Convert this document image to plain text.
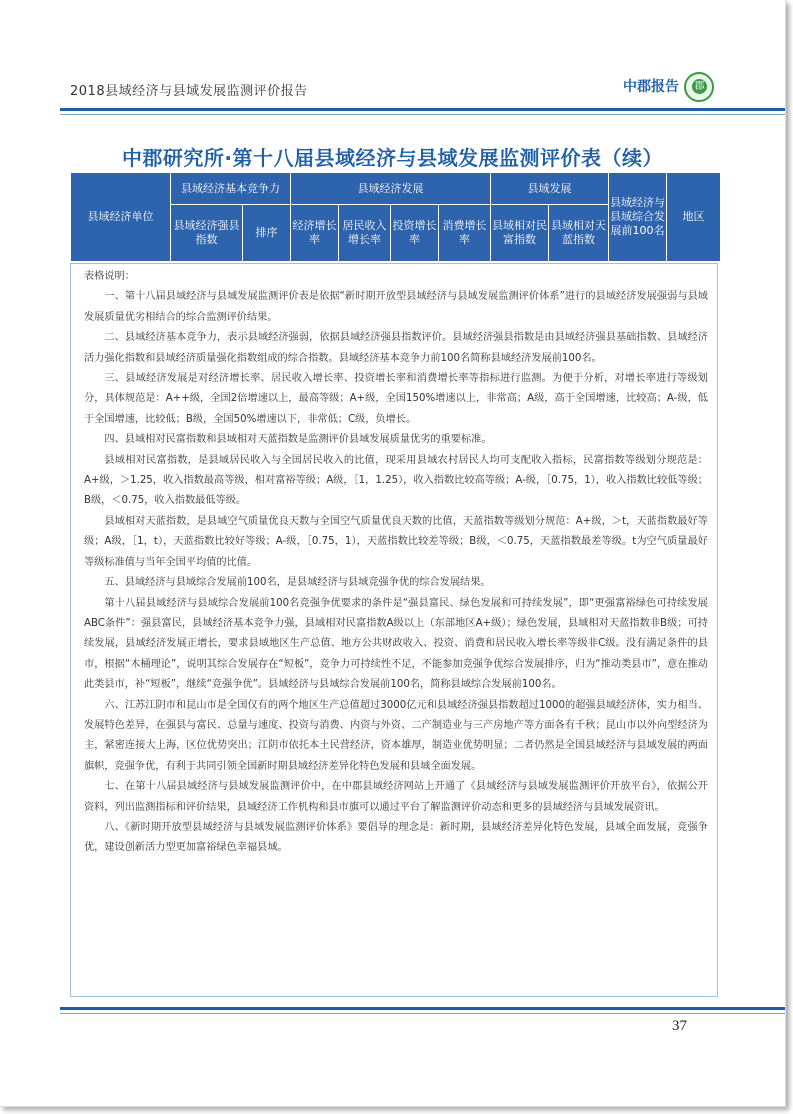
2018县域经济与县域发展监测评价报告	中郡报告 郡
中郡研究所·第十八届县域经济与县域发展监测评价表（续）
县域经济单位	县域经济基本竞争力		县域经济发展				县域发展		县域经济与县域综合发展前100名	地区
	县域经济强县指数	排序	经济增长率	居民收入增长率	投资增长率	消费增长率	县域相对民富指数	县域相对天蓝指数		

表格说明：

一、第十八届县域经济与县域发展监测评价表是依据“新时期开放型县域经济与县域发展监测评价体系”进行的县域经济发展强弱与县域发展质量优劣相结合的综合监测评价结果。

二、县域经济基本竞争力，表示县域经济强弱，依据县域经济强县指数评价。县域经济强县指数是由县域经济强县基础指数、县域经济活力强化指数和县域经济质量强化指数组成的综合指数。县域经济基本竞争力前100名简称县域经济发展前100名。

三、县域经济发展是对经济增长率、居民收入增长率、投资增长率和消费增长率等指标进行监测。为便于分析，对增长率进行等级划分，具体规范是：A++级，全国2倍增速以上，最高等级；A+级，全国150%增速以上，非常高；A级，高于全国增速，比较高；A-级，低于全国增速，比较低；B级，全国50%增速以下，非常低；C级，负增长。

四、县域相对民富指数和县域相对天蓝指数是监测评价县域发展质量优劣的重要标准。

县域相对民富指数，是县域居民收入与全国居民收入的比值，现采用县域农村居民人均可支配收入指标，民富指数等级划分规范是：A+级，＞1.25，收入指数最高等级，相对富裕等级；A级，［1，1.25），收入指数比较高等级；A-级，［0.75，1），收入指数比较低等级；B级，＜0.75，收入指数最低等级。

县域相对天蓝指数，是县域空气质量优良天数与全国空气质量优良天数的比值，天蓝指数等级划分规范：A+级，＞t，天蓝指数最好等级；A级，［1，t），天蓝指数比较好等级；A-级，［0.75，1），天蓝指数比较差等级；B级，＜0.75，天蓝指数最差等级。t为空气质量最好等级标准值与当年全国平均值的比值。

五、县域经济与县域综合发展前100名，是县域经济与县域竞强争优的综合发展结果。

第十八届县域经济与县域综合发展前100名竞强争优要求的条件是“强县富民、绿色发展和可持续发展”，即“更强富裕绿色可持续发展ABC条件”：强县富民，县域经济基本竞争力强，县域相对民富指数A级以上（东部地区A+级）；绿色发展，县域相对天蓝指数非B级；可持续发展，县域经济发展正增长，要求县域地区生产总值、地方公共财政收入、投资、消费和居民收入增长率等级非C级。没有满足条件的县市，根据“木桶理论”，说明其综合发展存在“短板”，竞争力可持续性不足，不能参加竞强争优综合发展排序，归为“推动类县市”，意在推动此类县市，补“短板”，继续“竞强争优”。县域经济与县域综合发展前100名，简称县域综合发展前100名。

六、江苏江阴市和昆山市是全国仅有的两个地区生产总值超过3000亿元和县域经济强县指数超过1000的超强县域经济体，实力相当、发展特色差异，在强县与富民、总量与速度、投资与消费、内资与外资、二产制造业与三产房地产等方面各有千秋；昆山市以外向型经济为主，紧密连接大上海，区位优势突出；江阴市依托本土民营经济，资本雄厚，制造业优势明显；二者仍然是全国县域经济与县域发展的两面旗帜，竞强争优，有利于共同引领全国新时期县域经济差异化特色发展和县域全面发展。

七、在第十八届县域经济与县域发展监测评价中，在中郡县域经济网站上开通了《县域经济与县域发展监测评价开放平台》，依据公开资料，列出监测指标和评价结果，县域经济工作机构和县市旗可以通过平台了解监测评价动态和更多的县域经济与县域发展资讯。

八、《新时期开放型县域经济与县域发展监测评价体系》要倡导的理念是：新时期，县域经济差异化特色发展，县域全面发展，竞强争优，建设创新活力型更加富裕绿色幸福县域。

37
